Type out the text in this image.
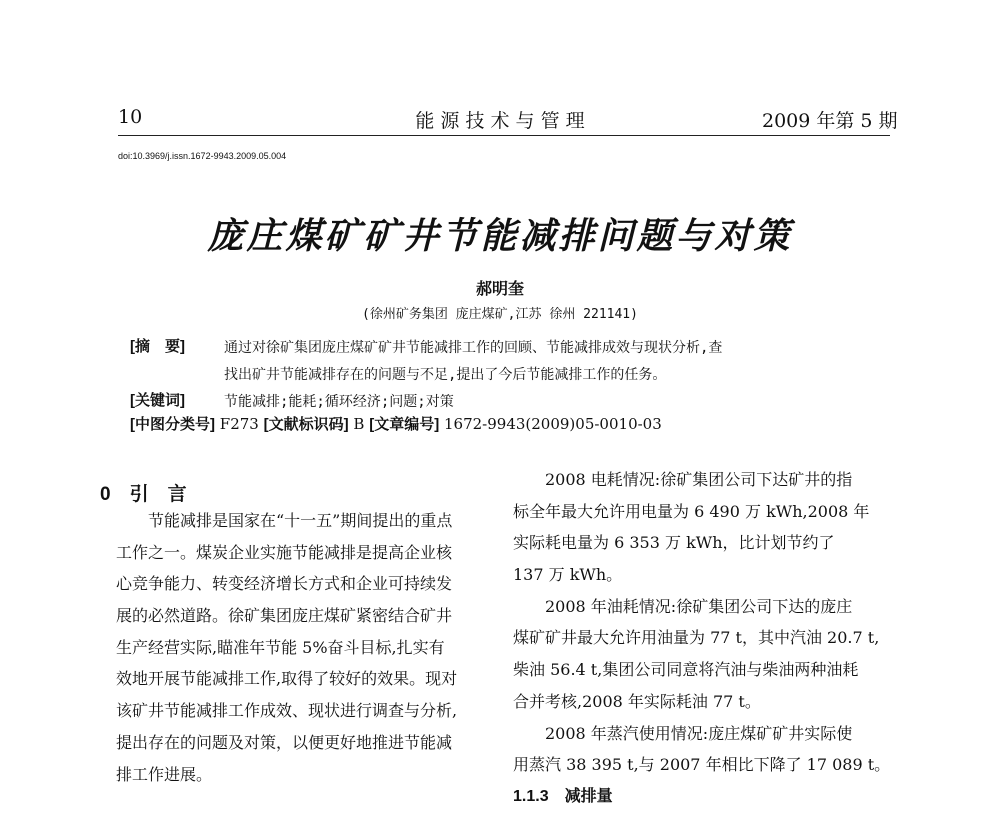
10	能 源 技 术 与 管 理	2009 年第 5 期
doi:10.3969/j.issn.1672-9943.2009.05.004
庞庄煤矿矿井节能减排问题与对策
郝明奎
(徐州矿务集团 庞庄煤矿,江苏 徐州 221141)
[摘　要]	通过对徐矿集团庞庄煤矿矿井节能减排工作的回顾、节能减排成效与现状分析,查
找出矿井节能减排存在的问题与不足,提出了今后节能减排工作的任务。
[关键词]	节能减排;能耗;循环经济;问题;对策
[中图分类号] F273 [文献标识码] B [文章编号] 1672-9943(2009)05-0010-03
0　引　言
节能减排是国家在“十一五”期间提出的重点
工作之一。煤炭企业实施节能减排是提高企业核
心竞争能力、转变经济增长方式和企业可持续发
展的必然道路。徐矿集团庞庄煤矿紧密结合矿井
生产经营实际,瞄准年节能 5%奋斗目标,扎实有
效地开展节能减排工作,取得了较好的效果。现对
该矿井节能减排工作成效、现状进行调查与分析,
提出存在的问题及对策，以便更好地推进节能减
排工作进展。
2008 电耗情况:徐矿集团公司下达矿井的指
标全年最大允许用电量为 6 490 万 kWh,2008 年
实际耗电量为 6 353 万 kWh，比计划节约了
137 万 kWh。
2008 年油耗情况:徐矿集团公司下达的庞庄
煤矿矿井最大允许用油量为 77 t，其中汽油 20.7 t,
柴油 56.4 t,集团公司同意将汽油与柴油两种油耗
合并考核,2008 年实际耗油 77 t。
2008 年蒸汽使用情况:庞庄煤矿矿井实际使
用蒸汽 38 395 t,与 2007 年相比下降了 17 089 t。
1.1.3　减排量
